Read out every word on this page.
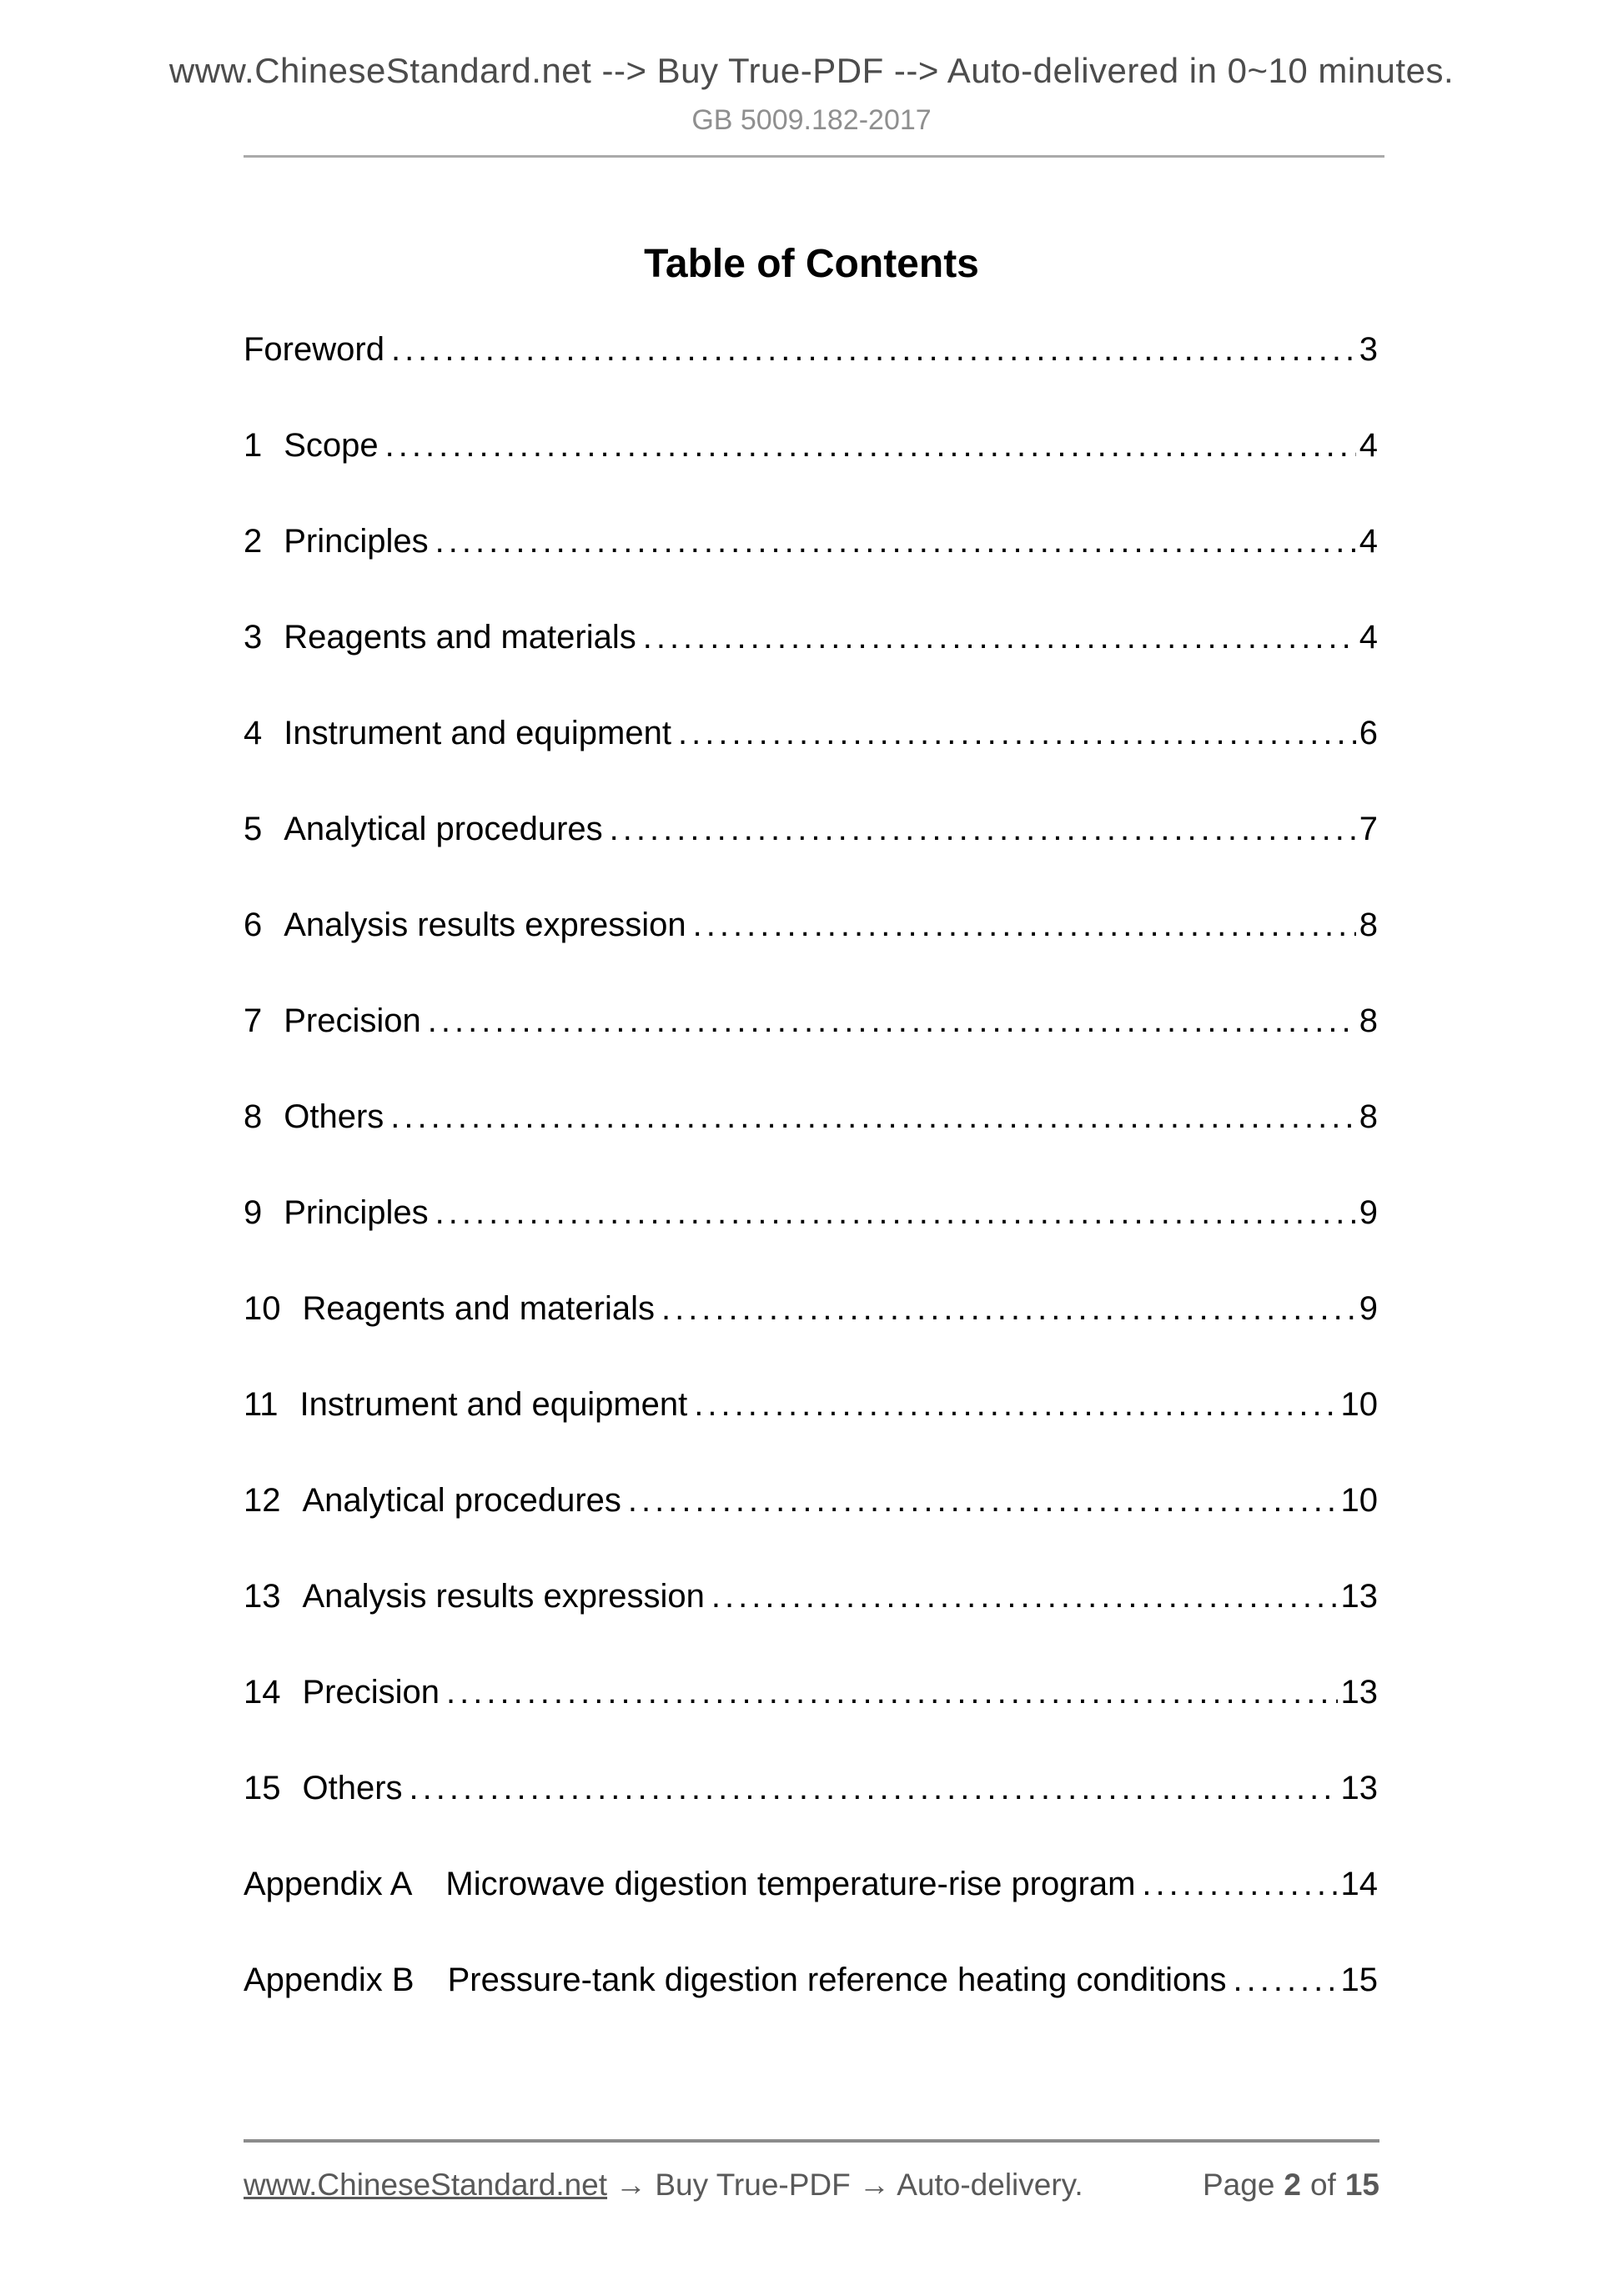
www.ChineseStandard.net --> Buy True-PDF --> Auto-delivered in 0~10 minutes.
GB 5009.182-2017
Table of Contents
Foreword .....	3
1 Scope .....	4
2 Principles .....	4
3 Reagents and materials .....	4
4 Instrument and equipment .....	6
5 Analytical procedures .....	7
6 Analysis results expression .....	8
7 Precision .....	8
8 Others .....	8
9 Principles .....	9
10 Reagents and materials .....	9
11 Instrument and equipment .....	10
12 Analytical procedures .....	10
13 Analysis results expression .....	13
14 Precision .....	13
15 Others .....	13
Appendix A Microwave digestion temperature-rise program .....	14
Appendix B Pressure-tank digestion reference heating conditions .....	15
www.ChineseStandard.net → Buy True-PDF → Auto-delivery.	Page 2 of 15
